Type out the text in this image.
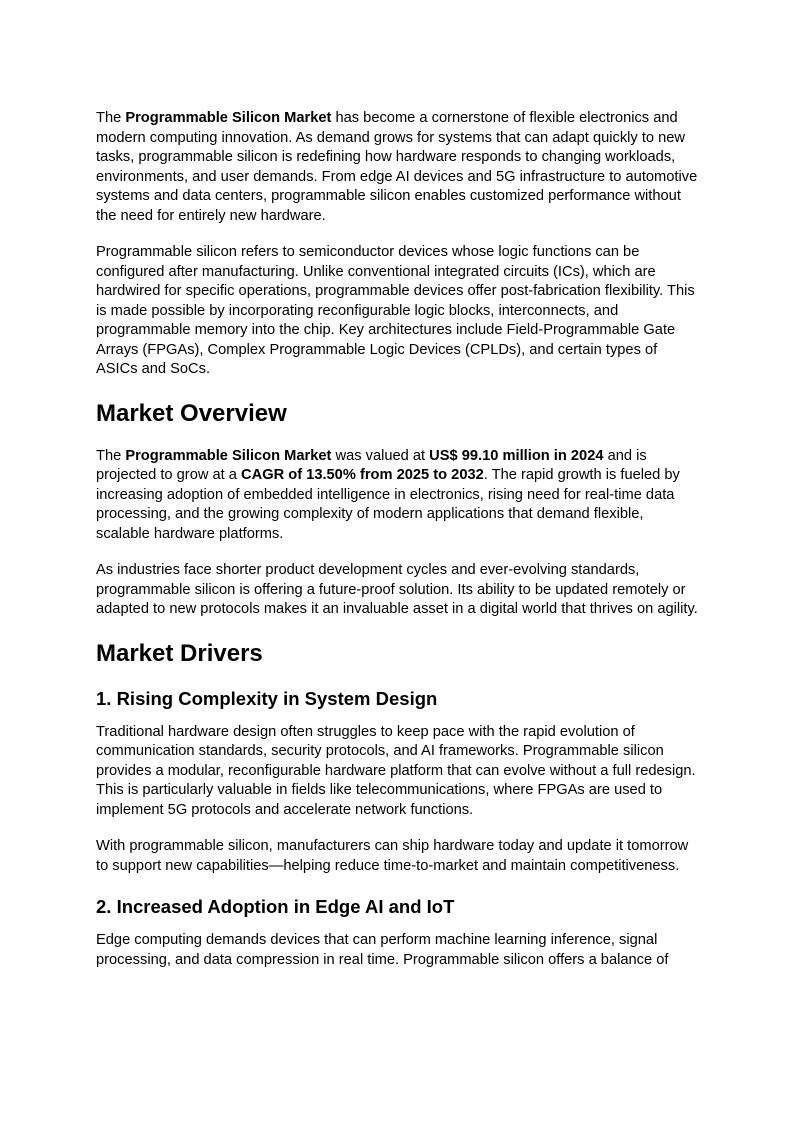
The Programmable Silicon Market has become a cornerstone of flexible electronics and modern computing innovation. As demand grows for systems that can adapt quickly to new tasks, programmable silicon is redefining how hardware responds to changing workloads, environments, and user demands. From edge AI devices and 5G infrastructure to automotive systems and data centers, programmable silicon enables customized performance without the need for entirely new hardware.

Programmable silicon refers to semiconductor devices whose logic functions can be configured after manufacturing. Unlike conventional integrated circuits (ICs), which are hardwired for specific operations, programmable devices offer post-fabrication flexibility. This is made possible by incorporating reconfigurable logic blocks, interconnects, and programmable memory into the chip. Key architectures include Field-Programmable Gate Arrays (FPGAs), Complex Programmable Logic Devices (CPLDs), and certain types of ASICs and SoCs.

Market Overview

The Programmable Silicon Market was valued at US$ 99.10 million in 2024 and is projected to grow at a CAGR of 13.50% from 2025 to 2032. The rapid growth is fueled by increasing adoption of embedded intelligence in electronics, rising need for real-time data processing, and the growing complexity of modern applications that demand flexible, scalable hardware platforms.

As industries face shorter product development cycles and ever-evolving standards, programmable silicon is offering a future-proof solution. Its ability to be updated remotely or adapted to new protocols makes it an invaluable asset in a digital world that thrives on agility.

Market Drivers
1. Rising Complexity in System Design

Traditional hardware design often struggles to keep pace with the rapid evolution of communication standards, security protocols, and AI frameworks. Programmable silicon provides a modular, reconfigurable hardware platform that can evolve without a full redesign. This is particularly valuable in fields like telecommunications, where FPGAs are used to implement 5G protocols and accelerate network functions.

With programmable silicon, manufacturers can ship hardware today and update it tomorrow to support new capabilities—helping reduce time-to-market and maintain competitiveness.

2. Increased Adoption in Edge AI and IoT

Edge computing demands devices that can perform machine learning inference, signal processing, and data compression in real time. Programmable silicon offers a balance of
